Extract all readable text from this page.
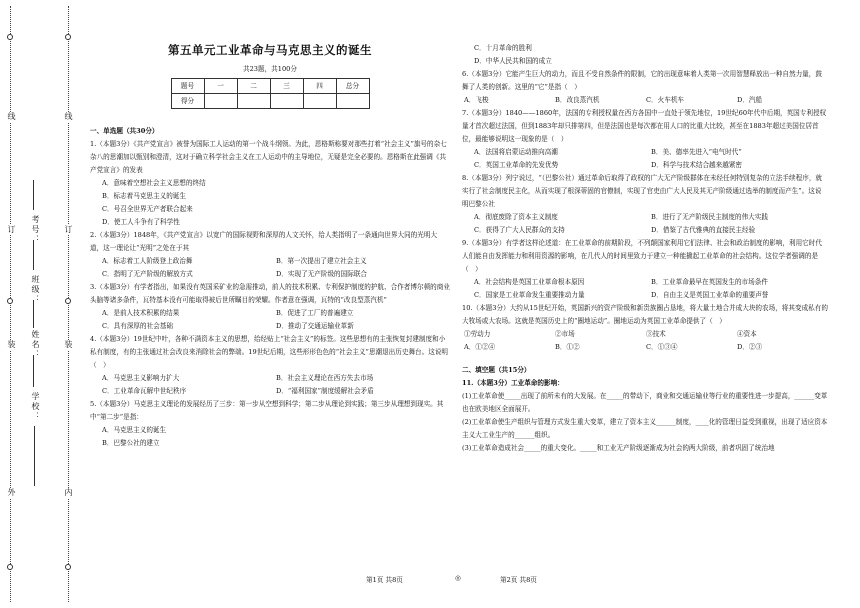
线
订
装
外
线
订
装
内
学校：
姓名：
班级：
考号：
第五单元工业革命与马克思主义的诞生
共23题，共100分
题号	一	二	三	四	总分
得分					
一、单选题（共30分）
1.（本题3分）《共产党宣言》被誉为国际工人运动的第一个战斗纲领。为此，恩格斯称要对那些打着“社会主义”旗号的杂七杂八的思潮加以甄别和澄清，这对于确立科学社会主义在工人运动中的主导地位，无疑是完全必要的。恩格斯在此强调《共产党宣言》的发表
A．意味着空想社会主义思想的终结
B．标志着马克思主义的诞生
C．号召全世界无产者联合起来
D．使工人斗争有了科学性
2.（本题3分）1848年，《共产党宣言》以宽广的国际视野和深厚的人文关怀，给人类指明了一条通向世界大同的光明大道，这一理论让“光明”之处在于其
A．标志着工人阶级登上政治舞	B．第一次提出了建立社会主义
C．指明了无产阶级的解放方式	D．实现了无产阶级的国际联合
3.（本题3分）有学者指出，如果没有英国采矿业的急需推动，前人的技术积累、专利保护制度的护航、合作者博尔顿的商业头脑等诸多条件，瓦特基本没有可能取得被后世所瞩目的荣耀。作者意在强调，瓦特的“改良型蒸汽机”
A．是前人技术积累的结果	B．促进了工厂的普遍建立
C．具有深厚的社会基础	D．推动了交通运输业革新
4.（本题3分）19世纪中叶，各种不满资本主义的思想，给经贴上“社会主义”的标签。这些思想有的主张恢复封建制度和小私有制度，有的主张通过社会改良来消除社会的弊端。19世纪后期，这些形形色色的“社会主义”思潮退出历史舞台。这说明（　）
A．马克思主义影响力扩大	B．社会主义理论在西方失去市场
C．工业革命瓦解中世纪秩序	D．“福利国家”制度缓解社会矛盾
5.（本题3分）马克思主义理论的发展经历了三步：第一步从空想到科学；第二步从理论到实践；第三步从理想到现实。其中“第二步”是指：
A．马克思主义的诞生
B．巴黎公社的建立
C．十月革命的胜利
D．中华人民共和国的成立
6.（本题3分）它能产生巨大的动力，而且不受自然条件的限制，它的出现意味着人类第一次用智慧释放出一种自然力量，鼓舞了人类的创新。这里的“它”是指（　）
A．飞梭	B．改良蒸汽机	C．火车机车	D．汽船
7.（本题3分）1840——1860年，法国的专利授权量在西方各国中一直处于领先地位，19世纪60年代中后期，英国专利授权量才首次超过法国，但到1883年却只排第四，但是法国也是每次都在用人口的比重大比较，甚至在1883年超过美国位居首位，最能够说明这一现象的是（　）
A．法国将启蒙运动推向高潮	B．美、德率先进入“电气时代”
C．英国工业革命的先发优势	D．科学与技术结合越来越紧密
8.（本题3分）列宁说过，“（巴黎公社）通过革命后取得了政权的广大无产阶级群体在未经任何特别复杂的立法手续程序，就实行了社会制度民主化，从而实现了根深蒂固的官僚制，实现了官吏由广大人民及其无产阶级通过选举的制度而产生”。这说明巴黎公社
A．彻底废除了资本主义制度	B．进行了无产阶级民主制度的伟大实践
C．获得了广大人民群众的支持	D．借鉴了古代雅典的直接民主经验
9.（本题3分）有学者这样论述道：在工业革命的前期阶段，不列颠国家利用它们法律、社会和政治制度的影响，利用它时代人们能自由发挥能力和利用资源的影响，在几代人的时间里致力于建立一种能撬起工业革命的社会结构。这位学者强调的是（　）
A．社会结构是英国工业革命根本原因	B．工业革命最早在英国发生的市场条件
C．国家是工业革命发生重要推动力量	D．自由主义是英国工业革命的重要声誉
10.（本题3分）大约从15世纪开始，英国新兴的资产阶级和新贵族圈占垦地，将大量土地合并成大块的农场，将其变成私有的大牧场或大农场。这就是英国历史上的“圈地运动”。圈地运动为英国工业革命提供了（　）
①劳动力	②市场	③技术	④资本
A．①②④	B．①②	C．①③④	D．②③
二、填空题（共15分）
11.（本题3分）工业革命的影响：
(1)工业革命使_____出现了前所未有的大发展。在_____的带动下，商业和交通运输业等行业的重要性进一步提高，______变革也在欧美地区全面展开。
(2)工业革命使生产组织与管理方式发生重大变革，建立了资本主义______制度，____化的管理日益受到重视，出现了适应资本主义大工业生产的______组织。
(3)工业革命造成社会_____的重大变化。_____和工业无产阶级逐渐成为社会的两大阶级，前者巩固了统治地
第1页 共8页	◎	第2页 共8页
